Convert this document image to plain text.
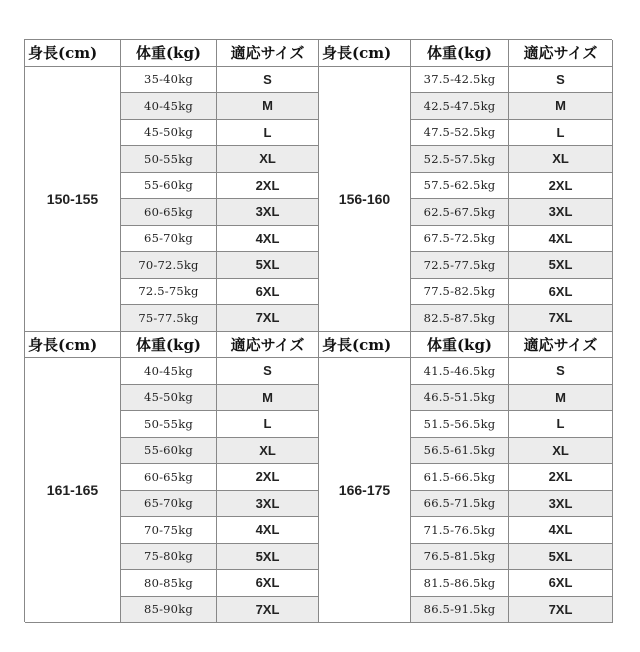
身長(cm)	体重(kg)	適応サイズ	身長(cm)	体重(kg)	適応サイズ
150-155
35-40kg	S
40-45kg	M
45-50kg	L
50-55kg	XL
55-60kg	2XL
60-65kg	3XL
65-70kg	4XL
70-72.5kg	5XL
72.5-75kg	6XL
75-77.5kg	7XL
156-160
37.5-42.5kg	S
42.5-47.5kg	M
47.5-52.5kg	L
52.5-57.5kg	XL
57.5-62.5kg	2XL
62.5-67.5kg	3XL
67.5-72.5kg	4XL
72.5-77.5kg	5XL
77.5-82.5kg	6XL
82.5-87.5kg	7XL
身長(cm)	体重(kg)	適応サイズ	身長(cm)	体重(kg)	適応サイズ
161-165
40-45kg	S
45-50kg	M
50-55kg	L
55-60kg	XL
60-65kg	2XL
65-70kg	3XL
70-75kg	4XL
75-80kg	5XL
80-85kg	6XL
85-90kg	7XL
166-175
41.5-46.5kg	S
46.5-51.5kg	M
51.5-56.5kg	L
56.5-61.5kg	XL
61.5-66.5kg	2XL
66.5-71.5kg	3XL
71.5-76.5kg	4XL
76.5-81.5kg	5XL
81.5-86.5kg	6XL
86.5-91.5kg	7XL
